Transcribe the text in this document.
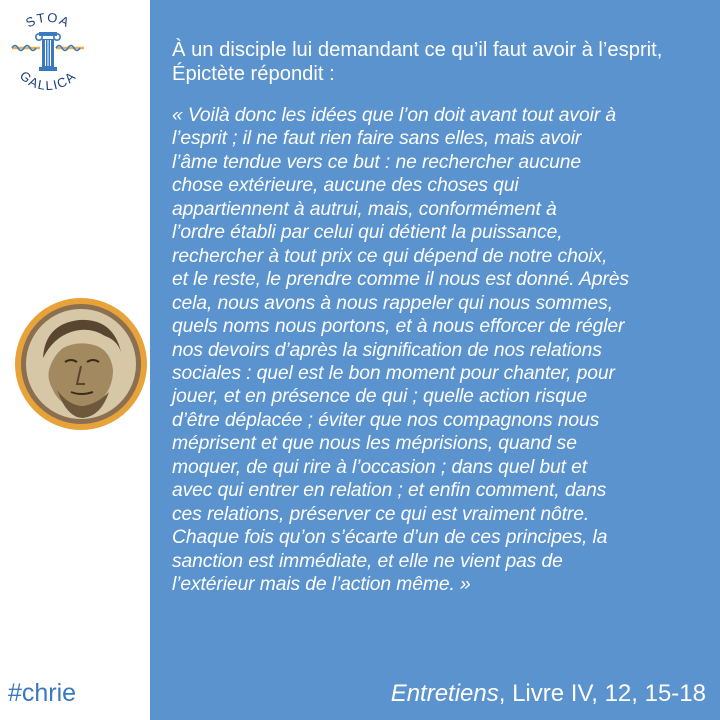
STOA
GALLICA
#chrie
À un disciple lui demandant ce qu’il faut avoir à l’esprit, Épictète répondit :

« Voilà donc les idées que l’on doit avant tout avoir à

l’esprit ; il ne faut rien faire sans elles, mais avoir

l’âme tendue vers ce but : ne rechercher aucune

chose extérieure, aucune des choses qui

appartiennent à autrui, mais, conformément à

l’ordre établi par celui qui détient la puissance,

rechercher à tout prix ce qui dépend de notre choix,

et le reste, le prendre comme il nous est donné. Après

cela, nous avons à nous rappeler qui nous sommes,

quels noms nous portons, et à nous efforcer de régler

nos devoirs d’après la signification de nos relations

sociales : quel est le bon moment pour chanter, pour

jouer, et en présence de qui ; quelle action risque

d’être déplacée ; éviter que nos compagnons nous

méprisent et que nous les méprisions, quand se

moquer, de qui rire à l’occasion ; dans quel but et

avec qui entrer en relation ; et enfin comment, dans

ces relations, préserver ce qui est vraiment nôtre.

Chaque fois qu’on s’écarte d’un de ces principes, la

sanction est immédiate, et elle ne vient pas de

l’extérieur mais de l’action même. »

Entretiens, Livre IV, 12, 15-18
